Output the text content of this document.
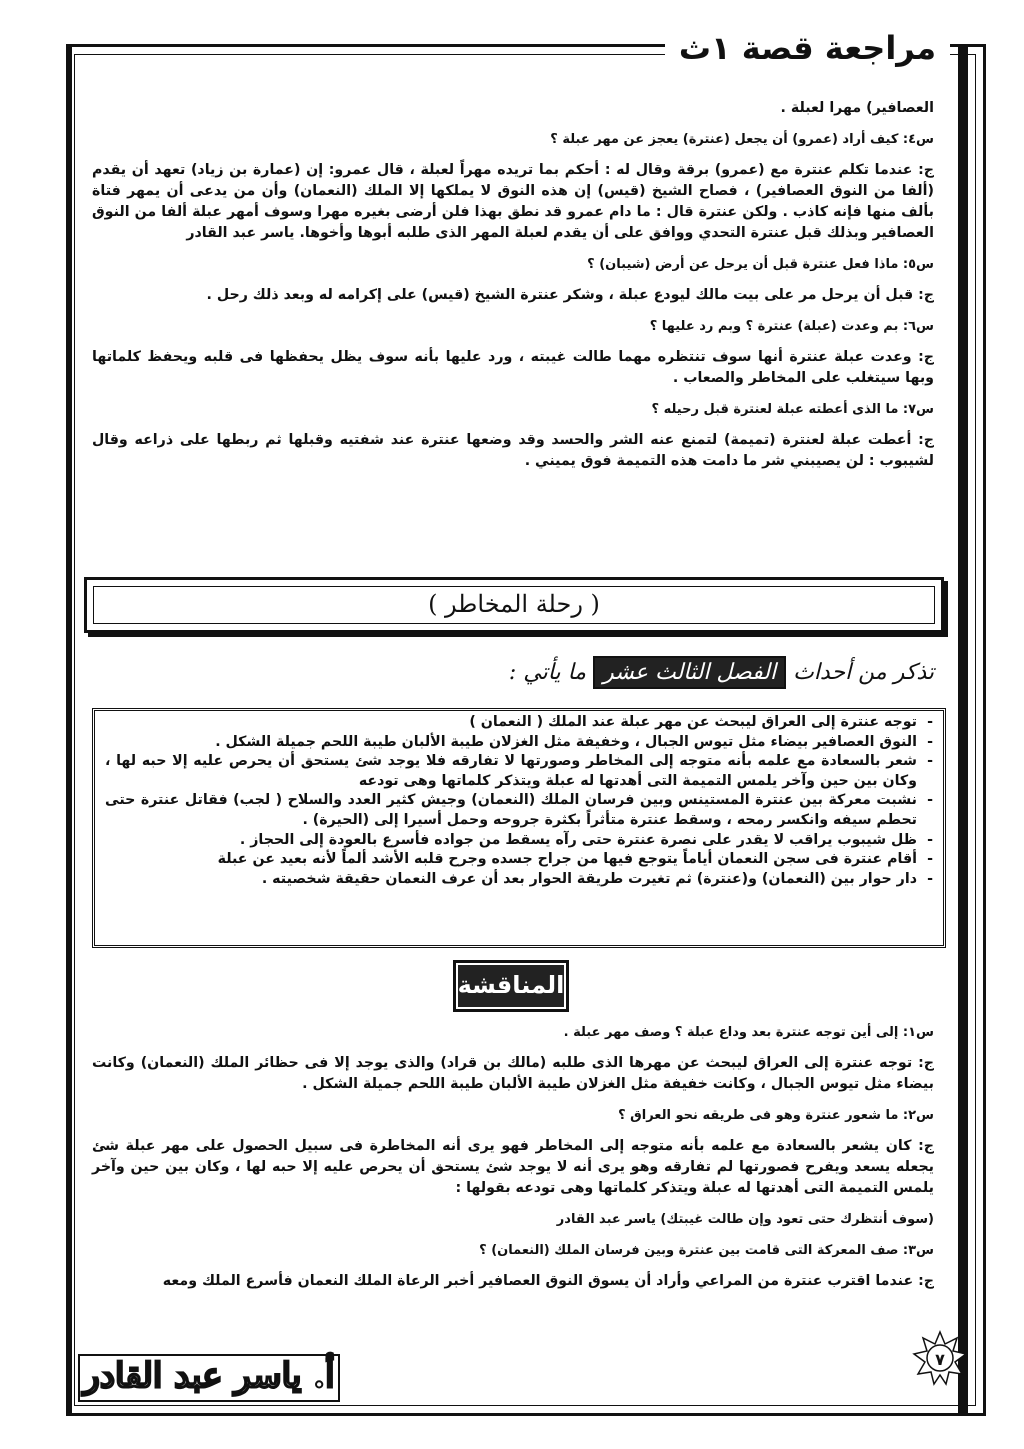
مراجعة قصة ١ث

العصافير) مهرا لعبلة .

س٤: كيف أراد (عمرو) أن يجعل (عنترة) يعجز عن مهر عبلة ؟

ج: عندما تكلم عنترة مع (عمرو) برقة وقال له : أحكم بما تريده مهراً لعبلة ، قال عمرو: إن (عمارة بن زياد) تعهد أن يقدم (ألفا من النوق العصافير) ، فصاح الشيخ (قيس) إن هذه النوق لا يملكها إلا الملك (النعمان) وأن من يدعى أن يمهر فتاة بألف منها فإنه كاذب . ولكن عنترة قال : ما دام عمرو قد نطق بهذا فلن أرضى بغيره مهرا وسوف أمهر عبلة ألفا من النوق العصافير وبذلك قبل عنترة التحدي ووافق على أن يقدم لعبلة المهر الذى طلبه أبوها وأخوها. ياسر عبد القادر

س٥: ماذا فعل عنترة قبل أن يرحل عن أرض (شيبان) ؟

ج: قبل أن يرحل مر على بيت مالك ليودع عبلة ، وشكر عنترة الشيخ (قيس) على إكرامه له وبعد ذلك رحل .

س٦: بم وعدت (عبلة) عنترة ؟ وبم رد عليها ؟

ج: وعدت عبلة عنترة أنها سوف تنتظره مهما طالت غيبته ، ورد عليها بأنه سوف يظل يحفظها فى قلبه ويحفظ كلماتها وبها سيتغلب على المخاطر والصعاب .

س٧: ما الذى أعطته عبلة لعنترة قبل رحيله ؟

ج: أعطت عبلة لعنترة (تميمة) لتمنع عنه الشر والحسد وقد وضعها عنترة عند شفتيه وقبلها ثم ربطها على ذراعه وقال لشيبوب : لن يصيبني شر ما دامت هذه التميمة فوق يميني .

( رحلة المخاطر )
تذكر من أحداث الفصل الثالث عشر ما يأتي :
- توجه عنترة إلى العراق ليبحث عن مهر عبلة عند الملك ( النعمان )
- النوق العصافير بيضاء مثل تيوس الجبال ، وخفيفة مثل الغزلان طيبة الألبان طيبة اللحم جميلة الشكل .
- شعر بالسعادة مع علمه بأنه متوجه إلى المخاطر وصورتها لا تفارقه فلا يوجد شئ يستحق أن يحرص عليه إلا حبه لها ، وكان بين حين وآخر يلمس التميمة التى أهدتها له عبلة ويتذكر كلماتها وهى تودعه
- نشبت معركة بين عنترة المستينس وبين فرسان الملك (النعمان) وجيش كثير العدد والسلاح ( لجب) فقاتل عنترة حتى تحطم سيفه وانكسر رمحه ، وسقط عنترة متأثراً بكثرة جروحه وحمل أسيرا إلى (الحيرة) .
- ظل شيبوب يراقب لا يقدر على نصرة عنترة حتى رآه يسقط من جواده فأسرع بالعودة إلى الحجاز .
- أقام عنترة فى سجن النعمان أياماً يتوجع فيها من جراح جسده وجرح قلبه الأشد ألماً لأنه بعيد عن عبلة
- دار حوار بين (النعمان) و(عنترة) ثم تغيرت طريقة الحوار بعد أن عرف النعمان حقيقة شخصيته .
المناقشة

س١: إلى أين توجه عنترة بعد وداع عبلة ؟ وصف مهر عبلة .

ج: توجه عنترة إلى العراق ليبحث عن مهرها الذى طلبه (مالك بن قراد) والذى يوجد إلا فى حظائر الملك (النعمان) وكانت بيضاء مثل تيوس الجبال ، وكانت خفيفة مثل الغزلان طيبة الألبان طيبة اللحم جميلة الشكل .

س٢: ما شعور عنترة وهو فى طريقه نحو العراق ؟

ج: كان يشعر بالسعادة مع علمه بأنه متوجه إلى المخاطر فهو يرى أنه المخاطرة فى سبيل الحصول على مهر عبلة شئ يجعله يسعد ويفرح فصورتها لم تفارقه وهو يرى أنه لا يوجد شئ يستحق أن يحرص عليه إلا حبه لها ، وكان بين حين وآخر يلمس التميمة التى أهدتها له عبلة ويتذكر كلماتها وهى تودعه بقولها :

(سوف أنتظرك حتى تعود وإن طالت غيبتك) ياسر عبد القادر

س٣: صف المعركة التى قامت بين عنترة وبين فرسان الملك (النعمان) ؟

ج: عندما اقترب عنترة من المراعي وأراد أن يسوق النوق العصافير أخبر الرعاة الملك النعمان فأسرع الملك ومعه

أ. ياسر عبد القادر	٧
